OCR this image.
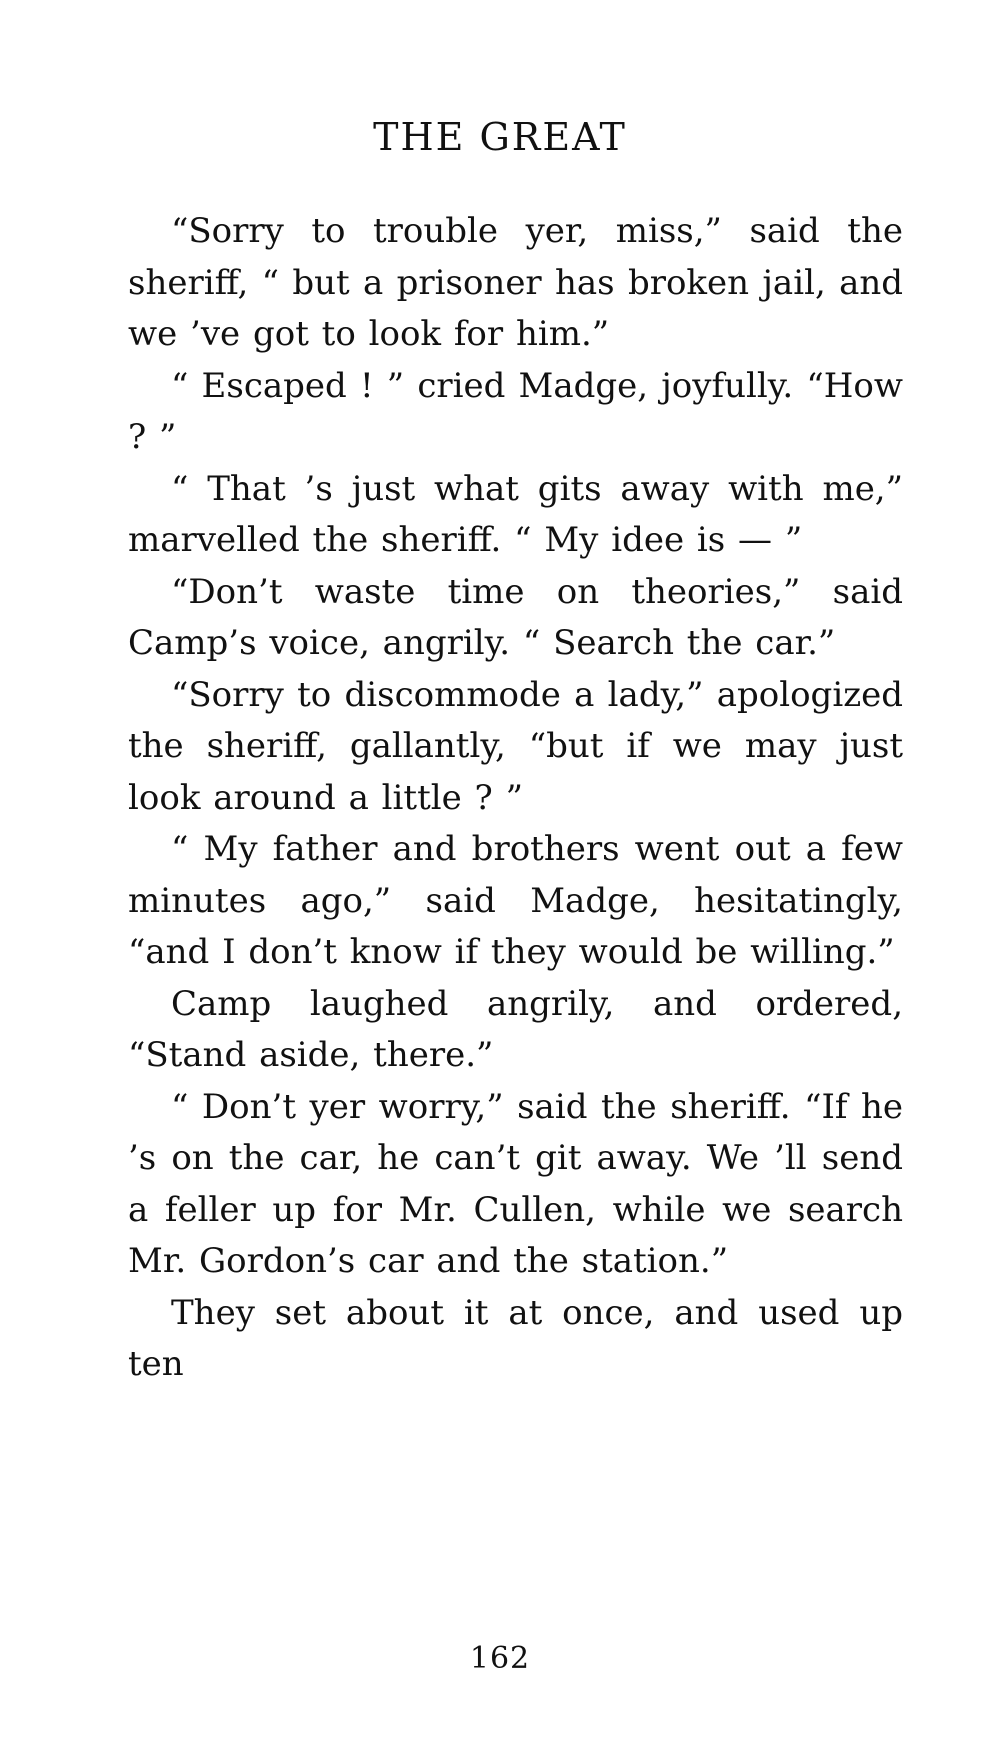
THE GREAT

“Sorry to trouble yer, miss,” said the sheriff, “ but a prisoner has broken jail, and we ’ve got to look for him.”

“ Escaped ! ” cried Madge, joyfully. “How ? ”

“ That ’s just what gits away with me,” marvelled the sheriff. “ My idee is — ”

“Don’t waste time on theories,” said Camp’s voice, angrily. “ Search the car.”

“Sorry to discommode a lady,” apologized the sheriff, gallantly, “but if we may just look around a little ? ”

“ My father and brothers went out a few minutes ago,” said Madge, hesitatingly, “and I don’t know if they would be willing.”

Camp laughed angrily, and ordered, “Stand aside, there.”

“ Don’t yer worry,” said the sheriff. “If he ’s on the car, he can’t git away. We ’ll send a feller up for Mr. Cullen, while we search Mr. Gordon’s car and the station.”

They set about it at once, and used up ten

162
